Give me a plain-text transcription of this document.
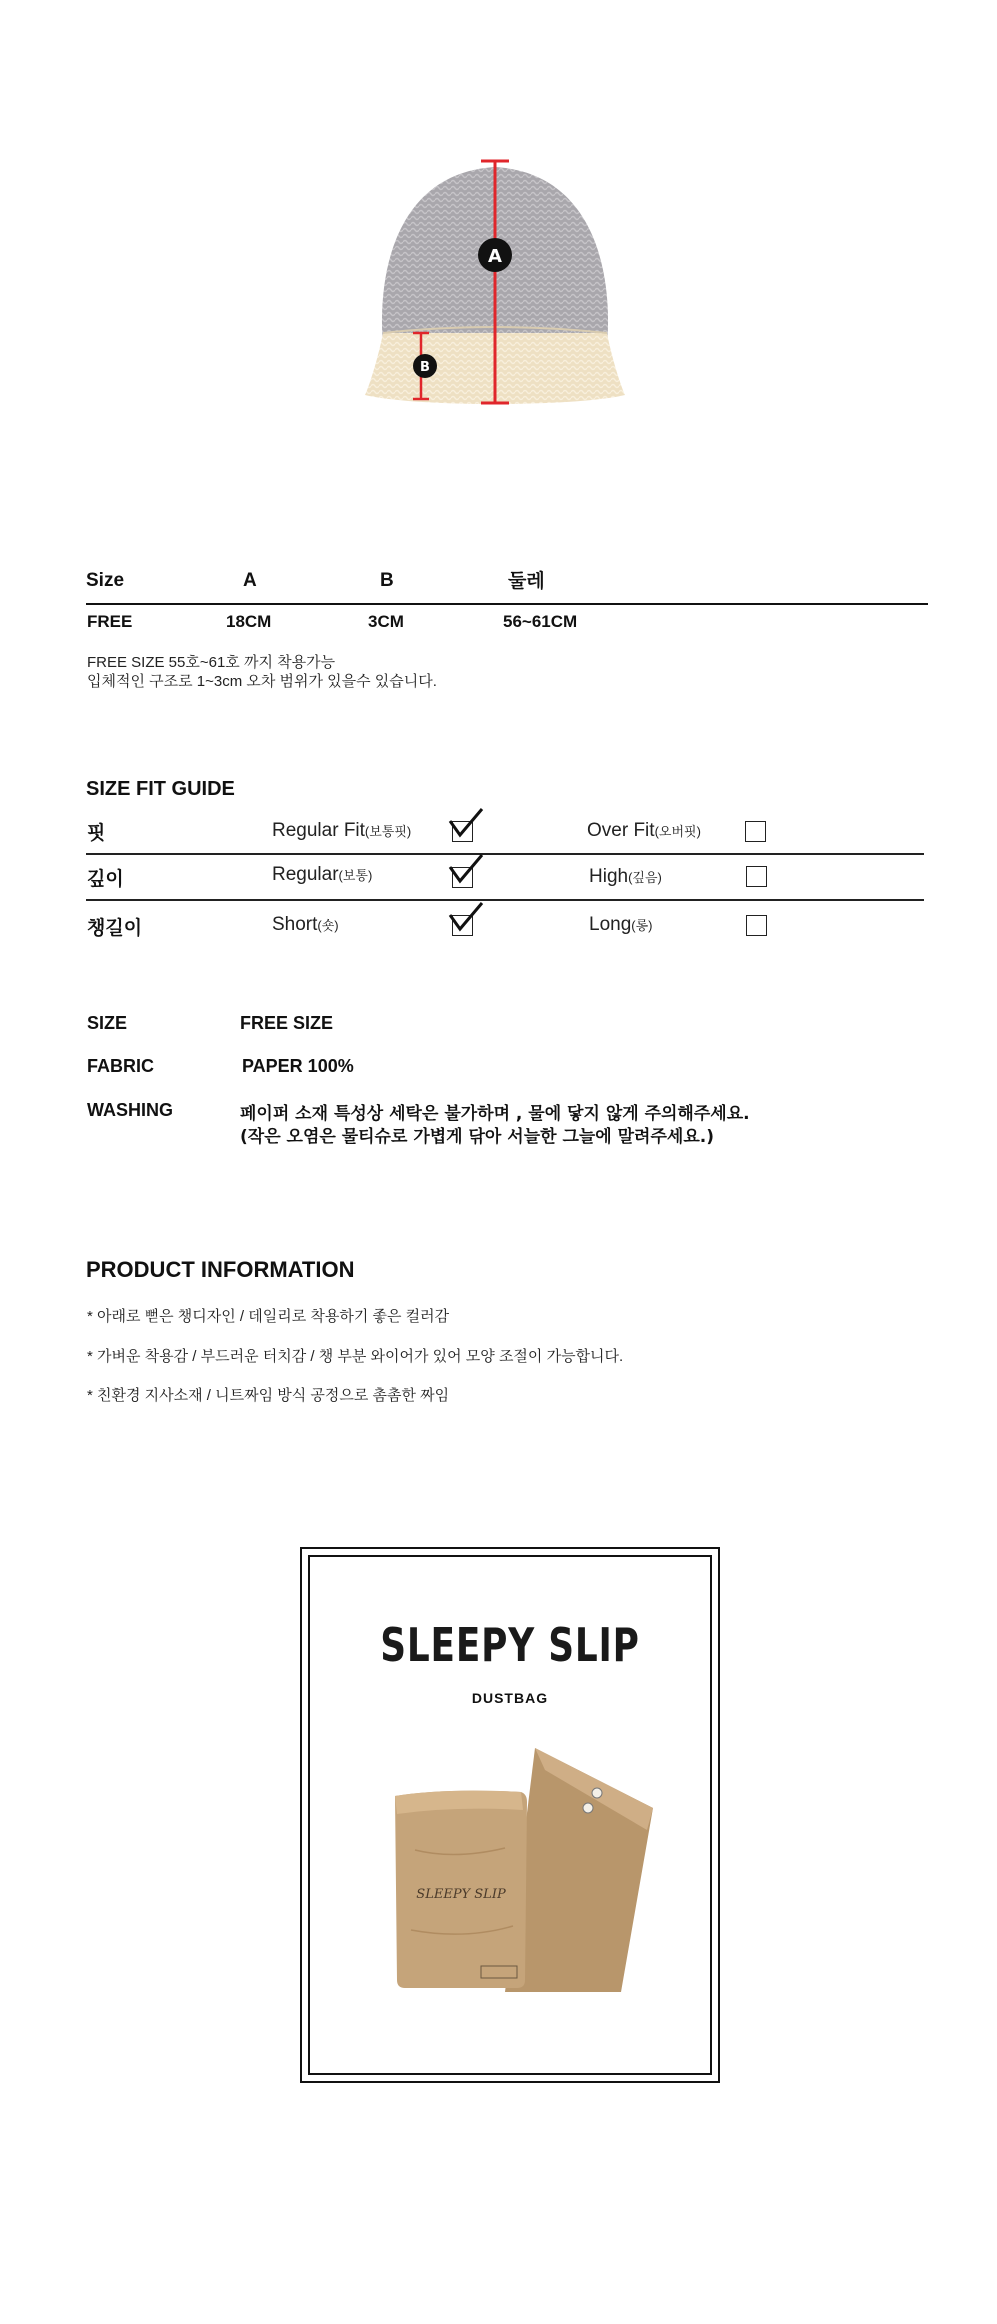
A
B
Size	A	B	둘레
FREE	18CM	3CM	56~61CM
FREE SIZE 55호~61호 까지 착용가능
입체적인 구조로 1~3cm 오차 범위가 있을수 있습니다.
SIZE FIT GUIDE
핏	Regular Fit(보통핏)	Over Fit(오버핏)
깊이	Regular(보통)	High(깊음)
챙길이	Short(숏)	Long(롱)
SIZE	FREE SIZE
FABRIC	PAPER 100%
WASHING	페이퍼 소재 특성상 세탁은 불가하며 , 물에 닿지 않게 주의해주세요.
(작은 오염은 물티슈로 가볍게 닦아 서늘한 그늘에 말려주세요.)
PRODUCT INFORMATION
* 아래로 뻗은 챙디자인 / 데일리로 착용하기 좋은 컬러감
* 가벼운 착용감 / 부드러운 터치감 / 챙 부분 와이어가 있어 모양 조절이 가능합니다.
* 친환경 지사소재 / 니트짜임 방식 공정으로 촘촘한 짜임
SLEEPY SLIP
DUSTBAG
SLEEPY SLIP
